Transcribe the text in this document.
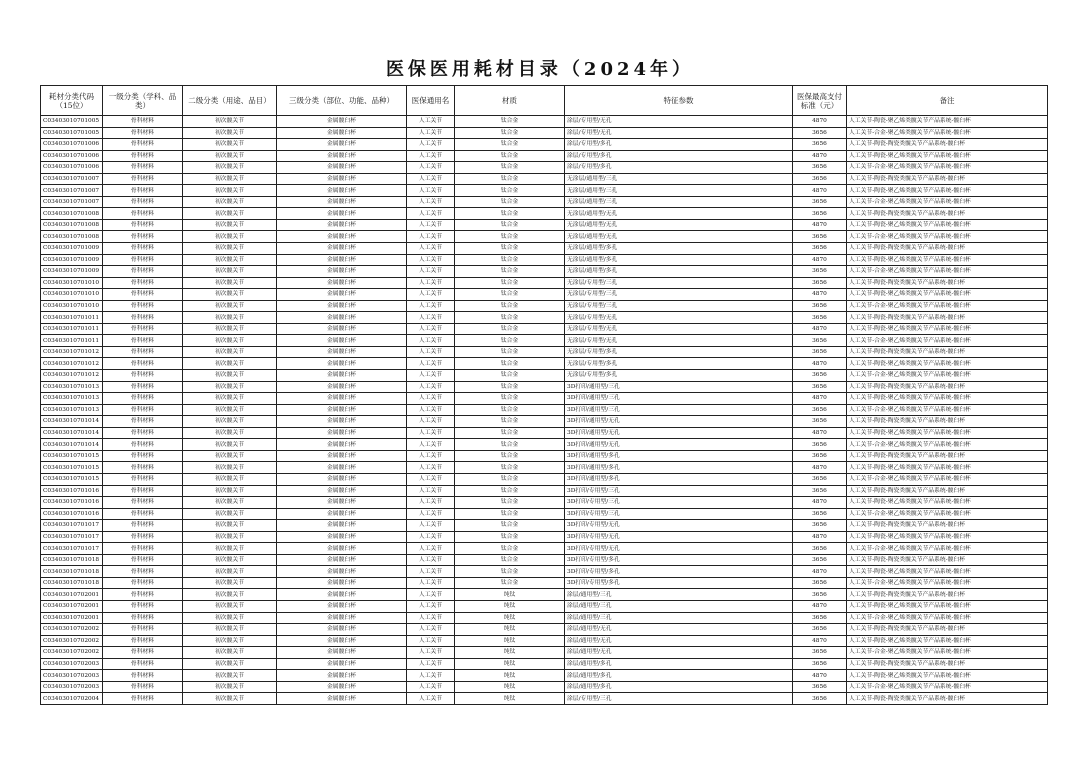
医保医用耗材目录（2024年）
耗材分类代码（15位）	一级分类（学科、品类）	二级分类（用途、品目）	三级分类（部位、功能、品种）	医保通用名	材质	特征参数	医保最高支付标准（元）	备注
C03403010701005	骨科材料	初次髋关节	金属髋臼杯	人工关节	钛合金	涂层/专用型/无孔	4870	人工关节-陶瓷-聚乙烯类髋关节产品系统-髋臼杯
C03403010701005	骨科材料	初次髋关节	金属髋臼杯	人工关节	钛合金	涂层/专用型/无孔	3656	人工关节-合金-聚乙烯类髋关节产品系统-髋臼杯
C03403010701006	骨科材料	初次髋关节	金属髋臼杯	人工关节	钛合金	涂层/专用型/多孔	3656	人工关节-陶瓷-陶瓷类髋关节产品系统-髋臼杯
C03403010701006	骨科材料	初次髋关节	金属髋臼杯	人工关节	钛合金	涂层/专用型/多孔	4870	人工关节-陶瓷-聚乙烯类髋关节产品系统-髋臼杯
C03403010701006	骨科材料	初次髋关节	金属髋臼杯	人工关节	钛合金	涂层/专用型/多孔	3656	人工关节-合金-聚乙烯类髋关节产品系统-髋臼杯
C03403010701007	骨科材料	初次髋关节	金属髋臼杯	人工关节	钛合金	无涂层/通用型/三孔	3656	人工关节-陶瓷-陶瓷类髋关节产品系统-髋臼杯
C03403010701007	骨科材料	初次髋关节	金属髋臼杯	人工关节	钛合金	无涂层/通用型/三孔	4870	人工关节-陶瓷-聚乙烯类髋关节产品系统-髋臼杯
C03403010701007	骨科材料	初次髋关节	金属髋臼杯	人工关节	钛合金	无涂层/通用型/三孔	3656	人工关节-合金-聚乙烯类髋关节产品系统-髋臼杯
C03403010701008	骨科材料	初次髋关节	金属髋臼杯	人工关节	钛合金	无涂层/通用型/无孔	3656	人工关节-陶瓷-陶瓷类髋关节产品系统-髋臼杯
C03403010701008	骨科材料	初次髋关节	金属髋臼杯	人工关节	钛合金	无涂层/通用型/无孔	4870	人工关节-陶瓷-聚乙烯类髋关节产品系统-髋臼杯
C03403010701008	骨科材料	初次髋关节	金属髋臼杯	人工关节	钛合金	无涂层/通用型/无孔	3656	人工关节-合金-聚乙烯类髋关节产品系统-髋臼杯
C03403010701009	骨科材料	初次髋关节	金属髋臼杯	人工关节	钛合金	无涂层/通用型/多孔	3656	人工关节-陶瓷-陶瓷类髋关节产品系统-髋臼杯
C03403010701009	骨科材料	初次髋关节	金属髋臼杯	人工关节	钛合金	无涂层/通用型/多孔	4870	人工关节-陶瓷-聚乙烯类髋关节产品系统-髋臼杯
C03403010701009	骨科材料	初次髋关节	金属髋臼杯	人工关节	钛合金	无涂层/通用型/多孔	3656	人工关节-合金-聚乙烯类髋关节产品系统-髋臼杯
C03403010701010	骨科材料	初次髋关节	金属髋臼杯	人工关节	钛合金	无涂层/专用型/三孔	3656	人工关节-陶瓷-陶瓷类髋关节产品系统-髋臼杯
C03403010701010	骨科材料	初次髋关节	金属髋臼杯	人工关节	钛合金	无涂层/专用型/三孔	4870	人工关节-陶瓷-聚乙烯类髋关节产品系统-髋臼杯
C03403010701010	骨科材料	初次髋关节	金属髋臼杯	人工关节	钛合金	无涂层/专用型/三孔	3656	人工关节-合金-聚乙烯类髋关节产品系统-髋臼杯
C03403010701011	骨科材料	初次髋关节	金属髋臼杯	人工关节	钛合金	无涂层/专用型/无孔	3656	人工关节-陶瓷-陶瓷类髋关节产品系统-髋臼杯
C03403010701011	骨科材料	初次髋关节	金属髋臼杯	人工关节	钛合金	无涂层/专用型/无孔	4870	人工关节-陶瓷-聚乙烯类髋关节产品系统-髋臼杯
C03403010701011	骨科材料	初次髋关节	金属髋臼杯	人工关节	钛合金	无涂层/专用型/无孔	3656	人工关节-合金-聚乙烯类髋关节产品系统-髋臼杯
C03403010701012	骨科材料	初次髋关节	金属髋臼杯	人工关节	钛合金	无涂层/专用型/多孔	3656	人工关节-陶瓷-陶瓷类髋关节产品系统-髋臼杯
C03403010701012	骨科材料	初次髋关节	金属髋臼杯	人工关节	钛合金	无涂层/专用型/多孔	4870	人工关节-陶瓷-聚乙烯类髋关节产品系统-髋臼杯
C03403010701012	骨科材料	初次髋关节	金属髋臼杯	人工关节	钛合金	无涂层/专用型/多孔	3656	人工关节-合金-聚乙烯类髋关节产品系统-髋臼杯
C03403010701013	骨科材料	初次髋关节	金属髋臼杯	人工关节	钛合金	3D打印/通用型/三孔	3656	人工关节-陶瓷-陶瓷类髋关节产品系统-髋臼杯
C03403010701013	骨科材料	初次髋关节	金属髋臼杯	人工关节	钛合金	3D打印/通用型/三孔	4870	人工关节-陶瓷-聚乙烯类髋关节产品系统-髋臼杯
C03403010701013	骨科材料	初次髋关节	金属髋臼杯	人工关节	钛合金	3D打印/通用型/三孔	3656	人工关节-合金-聚乙烯类髋关节产品系统-髋臼杯
C03403010701014	骨科材料	初次髋关节	金属髋臼杯	人工关节	钛合金	3D打印/通用型/无孔	3656	人工关节-陶瓷-陶瓷类髋关节产品系统-髋臼杯
C03403010701014	骨科材料	初次髋关节	金属髋臼杯	人工关节	钛合金	3D打印/通用型/无孔	4870	人工关节-陶瓷-聚乙烯类髋关节产品系统-髋臼杯
C03403010701014	骨科材料	初次髋关节	金属髋臼杯	人工关节	钛合金	3D打印/通用型/无孔	3656	人工关节-合金-聚乙烯类髋关节产品系统-髋臼杯
C03403010701015	骨科材料	初次髋关节	金属髋臼杯	人工关节	钛合金	3D打印/通用型/多孔	3656	人工关节-陶瓷-陶瓷类髋关节产品系统-髋臼杯
C03403010701015	骨科材料	初次髋关节	金属髋臼杯	人工关节	钛合金	3D打印/通用型/多孔	4870	人工关节-陶瓷-聚乙烯类髋关节产品系统-髋臼杯
C03403010701015	骨科材料	初次髋关节	金属髋臼杯	人工关节	钛合金	3D打印/通用型/多孔	3656	人工关节-合金-聚乙烯类髋关节产品系统-髋臼杯
C03403010701016	骨科材料	初次髋关节	金属髋臼杯	人工关节	钛合金	3D打印/专用型/三孔	3656	人工关节-陶瓷-陶瓷类髋关节产品系统-髋臼杯
C03403010701016	骨科材料	初次髋关节	金属髋臼杯	人工关节	钛合金	3D打印/专用型/三孔	4870	人工关节-陶瓷-聚乙烯类髋关节产品系统-髋臼杯
C03403010701016	骨科材料	初次髋关节	金属髋臼杯	人工关节	钛合金	3D打印/专用型/三孔	3656	人工关节-合金-聚乙烯类髋关节产品系统-髋臼杯
C03403010701017	骨科材料	初次髋关节	金属髋臼杯	人工关节	钛合金	3D打印/专用型/无孔	3656	人工关节-陶瓷-陶瓷类髋关节产品系统-髋臼杯
C03403010701017	骨科材料	初次髋关节	金属髋臼杯	人工关节	钛合金	3D打印/专用型/无孔	4870	人工关节-陶瓷-聚乙烯类髋关节产品系统-髋臼杯
C03403010701017	骨科材料	初次髋关节	金属髋臼杯	人工关节	钛合金	3D打印/专用型/无孔	3656	人工关节-合金-聚乙烯类髋关节产品系统-髋臼杯
C03403010701018	骨科材料	初次髋关节	金属髋臼杯	人工关节	钛合金	3D打印/专用型/多孔	3656	人工关节-陶瓷-陶瓷类髋关节产品系统-髋臼杯
C03403010701018	骨科材料	初次髋关节	金属髋臼杯	人工关节	钛合金	3D打印/专用型/多孔	4870	人工关节-陶瓷-聚乙烯类髋关节产品系统-髋臼杯
C03403010701018	骨科材料	初次髋关节	金属髋臼杯	人工关节	钛合金	3D打印/专用型/多孔	3656	人工关节-合金-聚乙烯类髋关节产品系统-髋臼杯
C03403010702001	骨科材料	初次髋关节	金属髋臼杯	人工关节	纯钛	涂层/通用型/三孔	3656	人工关节-陶瓷-陶瓷类髋关节产品系统-髋臼杯
C03403010702001	骨科材料	初次髋关节	金属髋臼杯	人工关节	纯钛	涂层/通用型/三孔	4870	人工关节-陶瓷-聚乙烯类髋关节产品系统-髋臼杯
C03403010702001	骨科材料	初次髋关节	金属髋臼杯	人工关节	纯钛	涂层/通用型/三孔	3656	人工关节-合金-聚乙烯类髋关节产品系统-髋臼杯
C03403010702002	骨科材料	初次髋关节	金属髋臼杯	人工关节	纯钛	涂层/通用型/无孔	3656	人工关节-陶瓷-陶瓷类髋关节产品系统-髋臼杯
C03403010702002	骨科材料	初次髋关节	金属髋臼杯	人工关节	纯钛	涂层/通用型/无孔	4870	人工关节-陶瓷-聚乙烯类髋关节产品系统-髋臼杯
C03403010702002	骨科材料	初次髋关节	金属髋臼杯	人工关节	纯钛	涂层/通用型/无孔	3656	人工关节-合金-聚乙烯类髋关节产品系统-髋臼杯
C03403010702003	骨科材料	初次髋关节	金属髋臼杯	人工关节	纯钛	涂层/通用型/多孔	3656	人工关节-陶瓷-陶瓷类髋关节产品系统-髋臼杯
C03403010702003	骨科材料	初次髋关节	金属髋臼杯	人工关节	纯钛	涂层/通用型/多孔	4870	人工关节-陶瓷-聚乙烯类髋关节产品系统-髋臼杯
C03403010702003	骨科材料	初次髋关节	金属髋臼杯	人工关节	纯钛	涂层/通用型/多孔	3656	人工关节-合金-聚乙烯类髋关节产品系统-髋臼杯
C03403010702004	骨科材料	初次髋关节	金属髋臼杯	人工关节	纯钛	涂层/专用型/三孔	3656	人工关节-陶瓷-陶瓷类髋关节产品系统-髋臼杯
